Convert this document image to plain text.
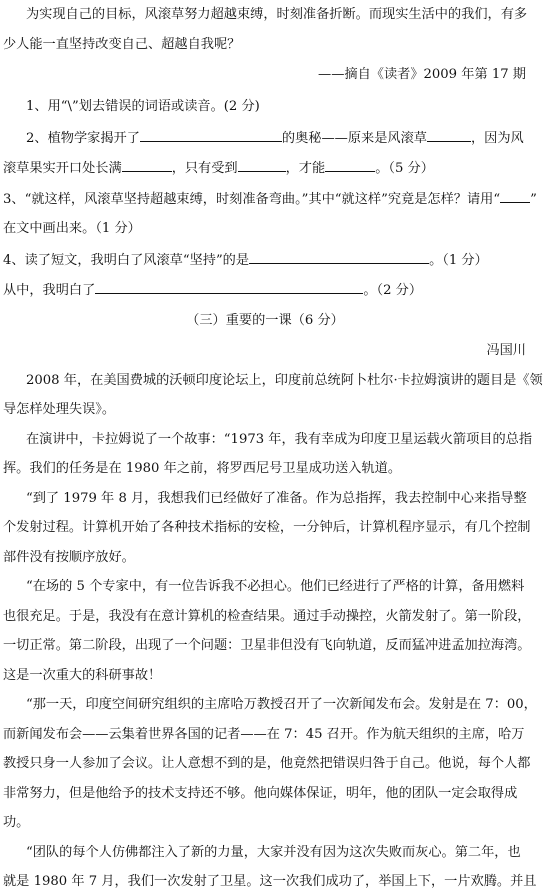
为实现自己的目标，风滚草努力超越束缚，时刻准备折断。而现实生活中的我们，有多
少人能一直坚持改变自己、超越自我呢？
——摘自《读者》2009 年第 17 期
1、用“\”划去错误的词语或读音。(2 分)
2、植物学家揭开了	的奥秘——原来是风滚草	，因为风
滚草果实开口处长满	，只有受到	，才能	。（5 分）
3、“就这样，风滚草坚持超越束缚，时刻准备弯曲。”其中“就这样”究竟是怎样？请用“ ”
在文中画出来。（1 分）
4、读了短文，我明白了风滚草“坚持”的是	。（1 分）
从中，我明白了	。（2 分）
（三）重要的一课（6 分）
冯国川
2008 年，在美国费城的沃顿印度论坛上，印度前总统阿卜杜尔·卡拉姆演讲的题目是《领
导怎样处理失误》。
在演讲中，卡拉姆说了一个故事：“1973 年，我有幸成为印度卫星运载火箭项目的总指
挥。我们的任务是在 1980 年之前，将罗西尼号卫星成功送入轨道。
“到了 1979 年 8 月，我想我们已经做好了准备。作为总指挥，我去控制中心来指导整
个发射过程。计算机开始了各种技术指标的安检，一分钟后，计算机程序显示，有几个控制
部件没有按顺序放好。
“在场的 5 个专家中，有一位告诉我不必担心。他们已经进行了严格的计算，备用燃料
也很充足。于是，我没有在意计算机的检查结果。通过手动操控，火箭发射了。第一阶段，
一切正常。第二阶段，出现了一个问题：卫星非但没有飞向轨道，反而猛冲进孟加拉海湾。
这是一次重大的科研事故！
“那一天，印度空间研究组织的主席哈万教授召开了一次新闻发布会。发射是在 7：00，
而新闻发布会——云集着世界各国的记者——在 7：45 召开。作为航天组织的主席，哈万
教授只身一人参加了会议。让人意想不到的是，他竟然把错误归咎于自己。他说，每个人都
非常努力，但是他给予的技术支持还不够。他向媒体保证，明年，他的团队一定会取得成
功。
“团队的每个人仿佛都注入了新的力量，大家并没有因为这次失败而灰心。第二年，也
就是 1980 年 7 月，我们一次发射了卫星。这一次我们成功了，举国上下，一片欢腾。并且
